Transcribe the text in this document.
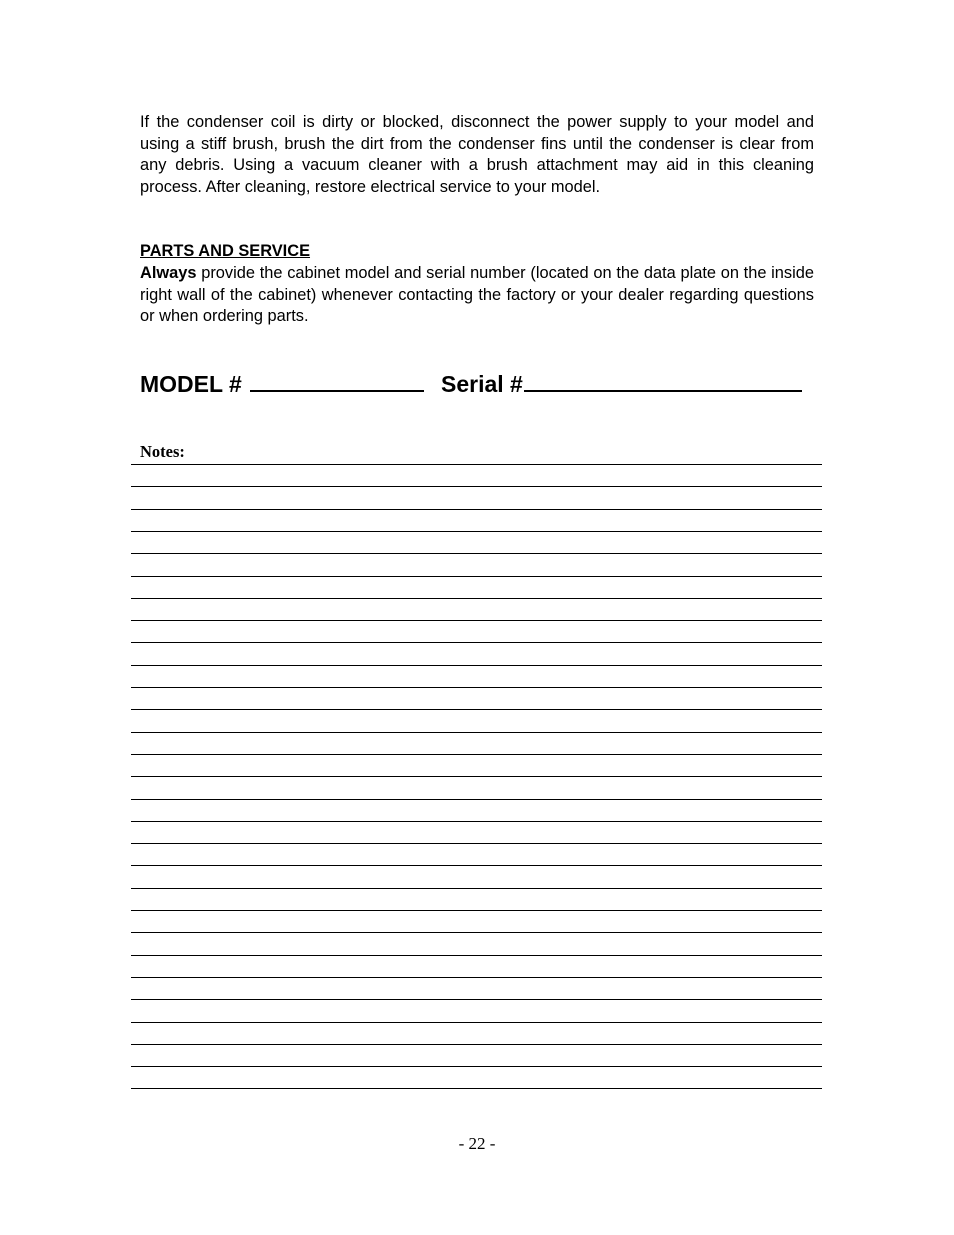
If the condenser coil is dirty or blocked, disconnect the power supply to your model and using a stiff brush, brush the dirt from the condenser fins until the condenser is clear from any debris. Using a vacuum cleaner with a brush attachment may aid in this cleaning process. After cleaning, restore electrical service to your model.

PARTS AND SERVICE

Always provide the cabinet model and serial number (located on the data plate on the inside right wall of the cabinet) whenever contacting the factory or your dealer regarding questions or when ordering parts.

MODEL #	Serial #
Notes:
- 22 -
